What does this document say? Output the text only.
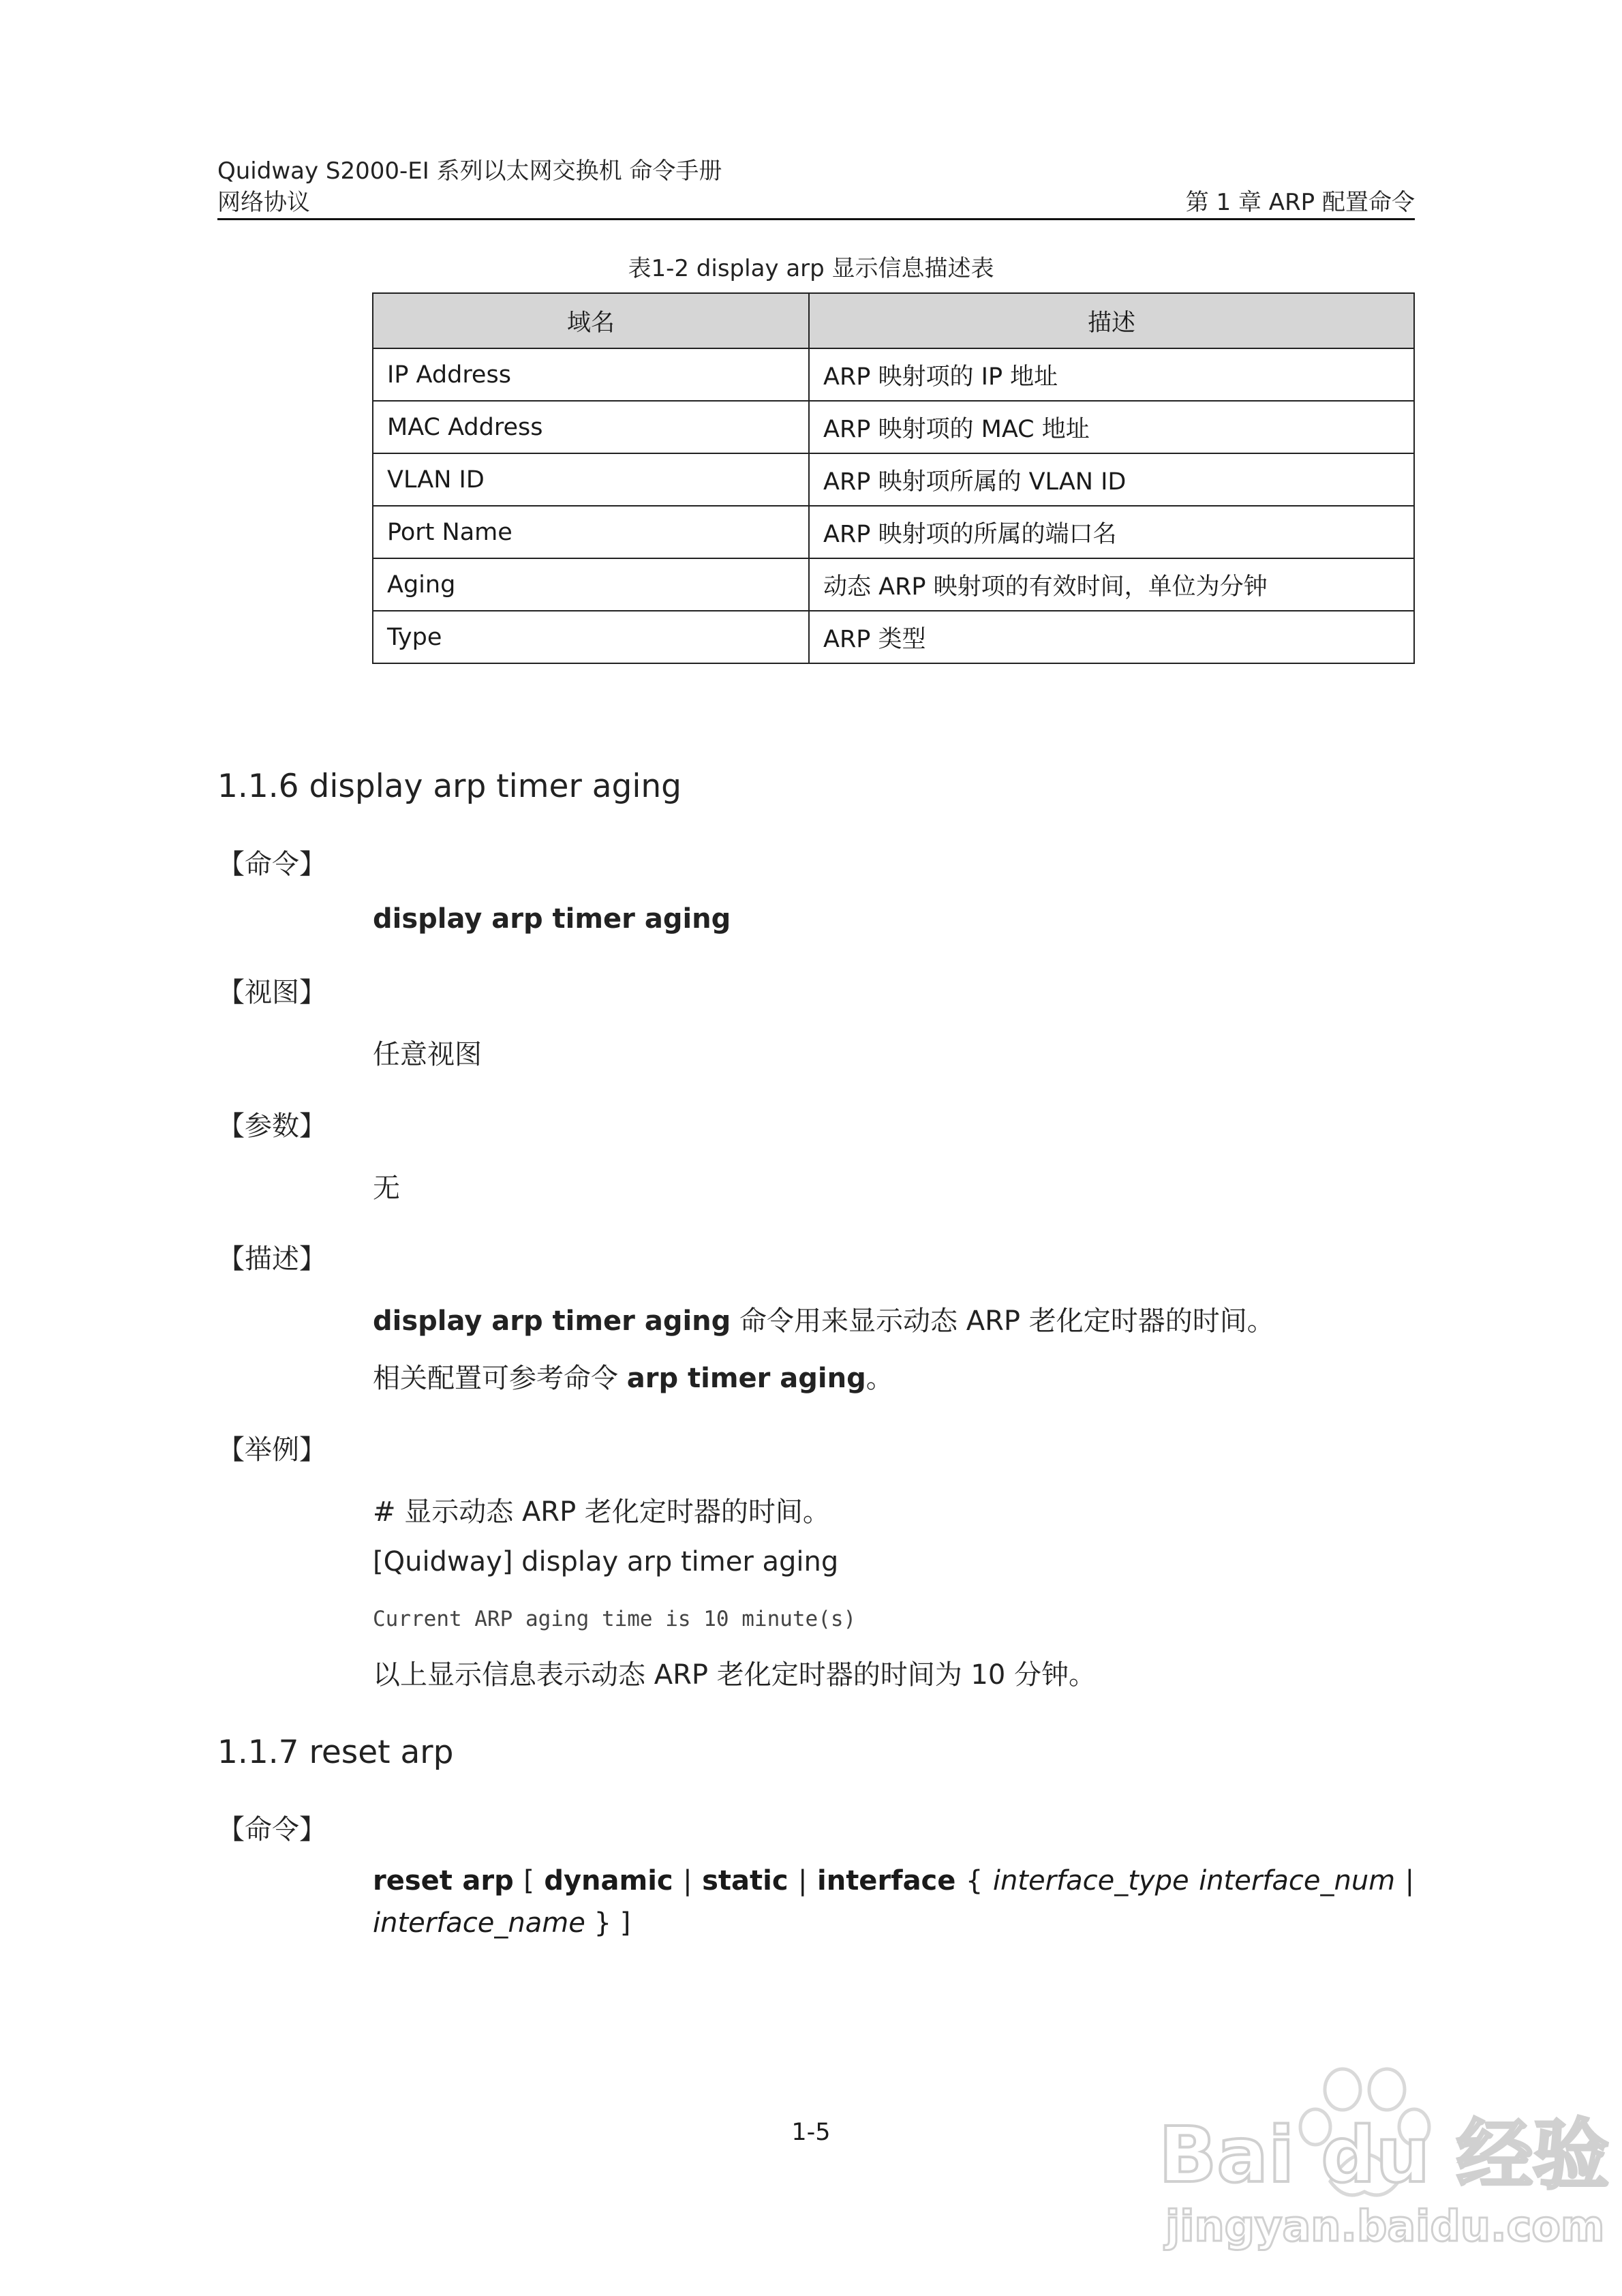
Quidway S2000-EI 系列以太网交换机 命令手册
网络协议	第 1 章 ARP 配置命令
表1-2 display arp 显示信息描述表
域名	描述
IP Address	ARP 映射项的 IP 地址
MAC Address	ARP 映射项的 MAC 地址
VLAN ID	ARP 映射项所属的 VLAN ID
Port Name	ARP 映射项的所属的端口名
Aging	动态 ARP 映射项的有效时间，单位为分钟
Type	ARP 类型
1.1.6 display arp timer aging
【命令】
display arp timer aging
【视图】
任意视图
【参数】
无
【描述】
display arp timer aging 命令用来显示动态 ARP 老化定时器的时间。
相关配置可参考命令 arp timer aging。
【举例】
# 显示动态 ARP 老化定时器的时间。
[Quidway] display arp timer aging
Current ARP aging time is 10 minute(s)
以上显示信息表示动态 ARP 老化定时器的时间为 10 分钟。
1.1.7 reset arp
【命令】
reset arp [ dynamic | static | interface { interface_type interface_num | interface_name } ]
1-5	Bai du 经验
jingyan.baidu.com
